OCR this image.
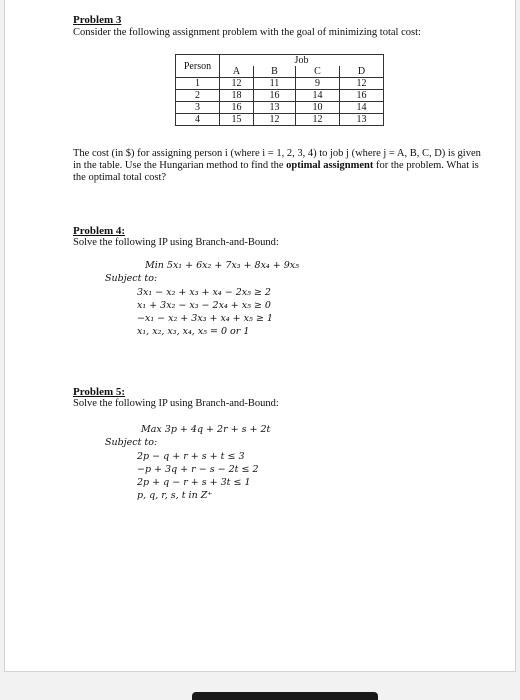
Problem 3
Consider the following assignment problem with the goal of minimizing total cost:
Person	Job			
	A	B	C	D
1	12	11	9	12
2	18	16	14	16
3	16	13	10	14
4	15	12	12	13
The cost (in $) for assigning person i (where i = 1, 2, 3, 4) to job j (where j = A, B, C, D) is given
in the table. Use the Hungarian method to find the optimal assignment for the problem. What is
the optimal total cost?
Problem 4:
Solve the following IP using Branch-and-Bound:
Min 5x₁ + 6x₂ + 7x₃ + 8x₄ + 9x₅
Subject to:
3x₁ − x₂ + x₃ + x₄ − 2x₅ ≥ 2
x₁ + 3x₂ − x₃ − 2x₄ + x₅ ≥ 0
−x₁ − x₂ + 3x₃ + x₄ + x₅ ≥ 1
x₁, x₂, x₃, x₄, x₅ = 0 or 1
Problem 5:
Solve the following IP using Branch-and-Bound:
Max 3p + 4q + 2r + s + 2t
Subject to:
2p − q + r + s + t ≤ 3
−p + 3q + r − s − 2t ≤ 2
2p + q − r + s + 3t ≤ 1
p, q, r, s, t in Z⁺
